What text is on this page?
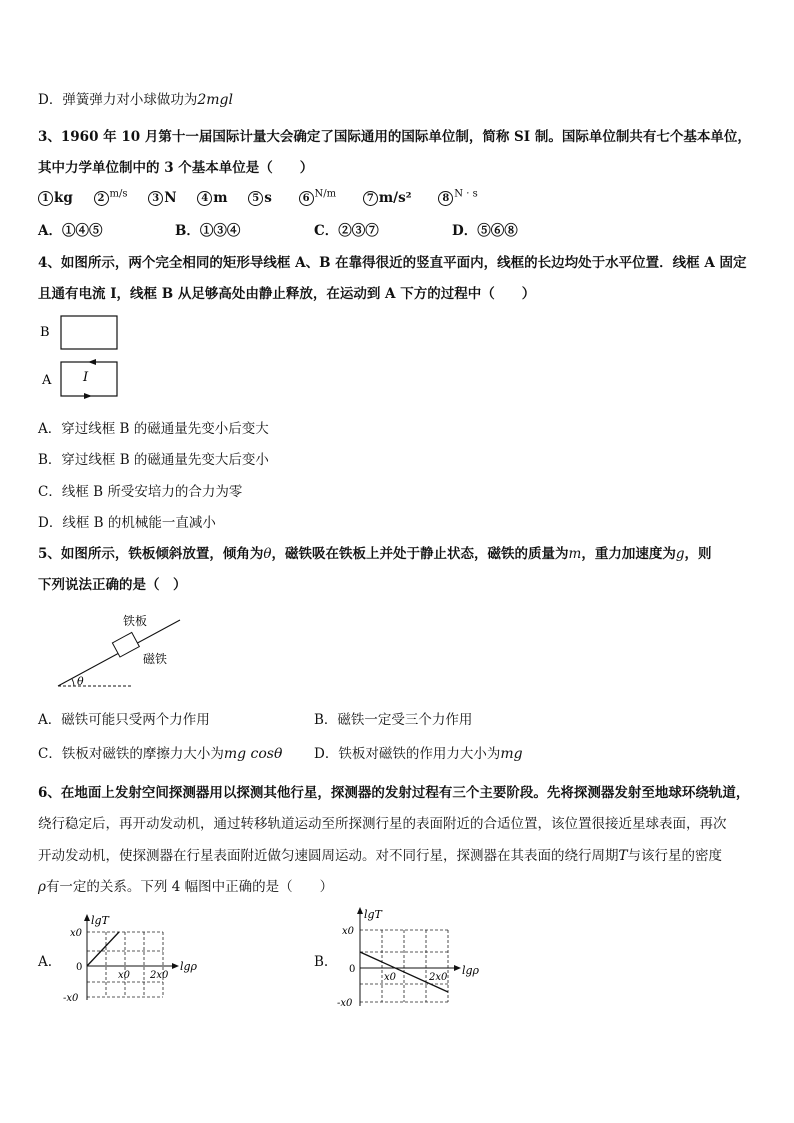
D．弹簧弹力对小球做功为2mgl
3、1960 年 10 月第十一届国际计量大会确定了国际通用的国际单位制，简称 SI 制。国际单位制共有七个基本单位，
其中力学单位制中的 3 个基本单位是（　　）
1 kg 2 $^{m/s}$ 3 N 4 m 5 s	6 $^{N/m}$	7 m/s²	8 $^{N \cdot s}$
A．①④⑤	B．①③④	C．②③⑦	D．⑤⑥⑧
4、如图所示，两个完全相同的矩形导线框 A、B 在靠得很近的竖直平面内，线框的长边均处于水平位置．线框 A 固定
且通有电流 I，线框 B 从足够高处由静止释放，在运动到 A 下方的过程中（　　）
B
A I
A．穿过线框 B 的磁通量先变小后变大
B．穿过线框 B 的磁通量先变大后变小
C．线框 B 所受安培力的合力为零
D．线框 B 的机械能一直减小
5、如图所示，铁板倾斜放置，倾角为θ，磁铁吸在铁板上并处于静止状态，磁铁的质量为m，重力加速度为g，则
下列说法正确的是（　）
铁板
磁铁
θ
A．磁铁可能只受两个力作用	B．磁铁一定受三个力作用
C．铁板对磁铁的摩擦力大小为mg cosθ D．铁板对磁铁的作用力大小为mg
6、在地面上发射空间探测器用以探测其他行星，探测器的发射过程有三个主要阶段。先将探测器发射至地球环绕轨道，
绕行稳定后，再开动发动机，通过转移轨道运动至所探测行星的表面附近的合适位置，该位置很接近星球表面，再次
开动发动机，使探测器在行星表面附近做匀速圆周运动。对不同行星，探测器在其表面的绕行周期T与该行星的密度
ρ有一定的关系。下列 4 幅图中正确的是（　　）
A.
lgT
lgρ
x0
-x0
0
x0 2x0
B.
lgT
lgρ
x0
-x0
0
x0	2x0
